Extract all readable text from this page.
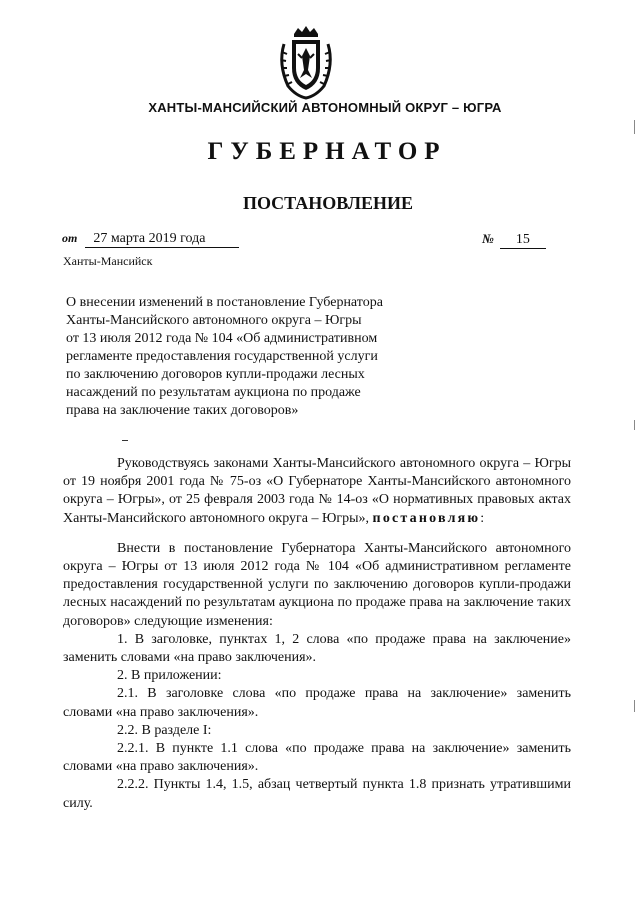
ХАНТЫ-МАНСИЙСКИЙ АВТОНОМНЫЙ ОКРУГ – ЮГРА
ГУБЕРНАТОР
ПОСТАНОВЛЕНИЕ
от 27 марта 2019 года	№ 15
Ханты-Мансийск
О внесении изменений в постановление Губернатора
Ханты-Мансийского автономного округа – Югры
от 13 июля 2012 года № 104 «Об административном
регламенте предоставления государственной услуги
по заключению договоров купли-продажи лесных
насаждений по результатам аукциона по продаже
права на заключение таких договоров»
Руководствуясь законами Ханты-Мансийского автономного округа – Югры от 19 ноября 2001 года № 75-оз «О Губернаторе Ханты-Мансийского автономного округа – Югры», от 25 февраля 2003 года № 14-оз «О нормативных правовых актах Ханты-Мансийского автономного округа – Югры», постановляю:
Внести в постановление Губернатора Ханты-Мансийского автономного округа – Югры от 13 июля 2012 года № 104 «Об административном регламенте предоставления государственной услуги по заключению договоров купли-продажи лесных насаждений по результатам аукциона по продаже права на заключение таких договоров» следующие изменения:
1. В заголовке, пунктах 1, 2 слова «по продаже права на заключение» заменить словами «на право заключения».
2. В приложении:
2.1. В заголовке слова «по продаже права на заключение» заменить словами «на право заключения».
2.2. В разделе I:
2.2.1. В пункте 1.1 слова «по продаже права на заключение» заменить словами «на право заключения».
2.2.2. Пункты 1.4, 1.5, абзац четвертый пункта 1.8 признать утратившими силу.
